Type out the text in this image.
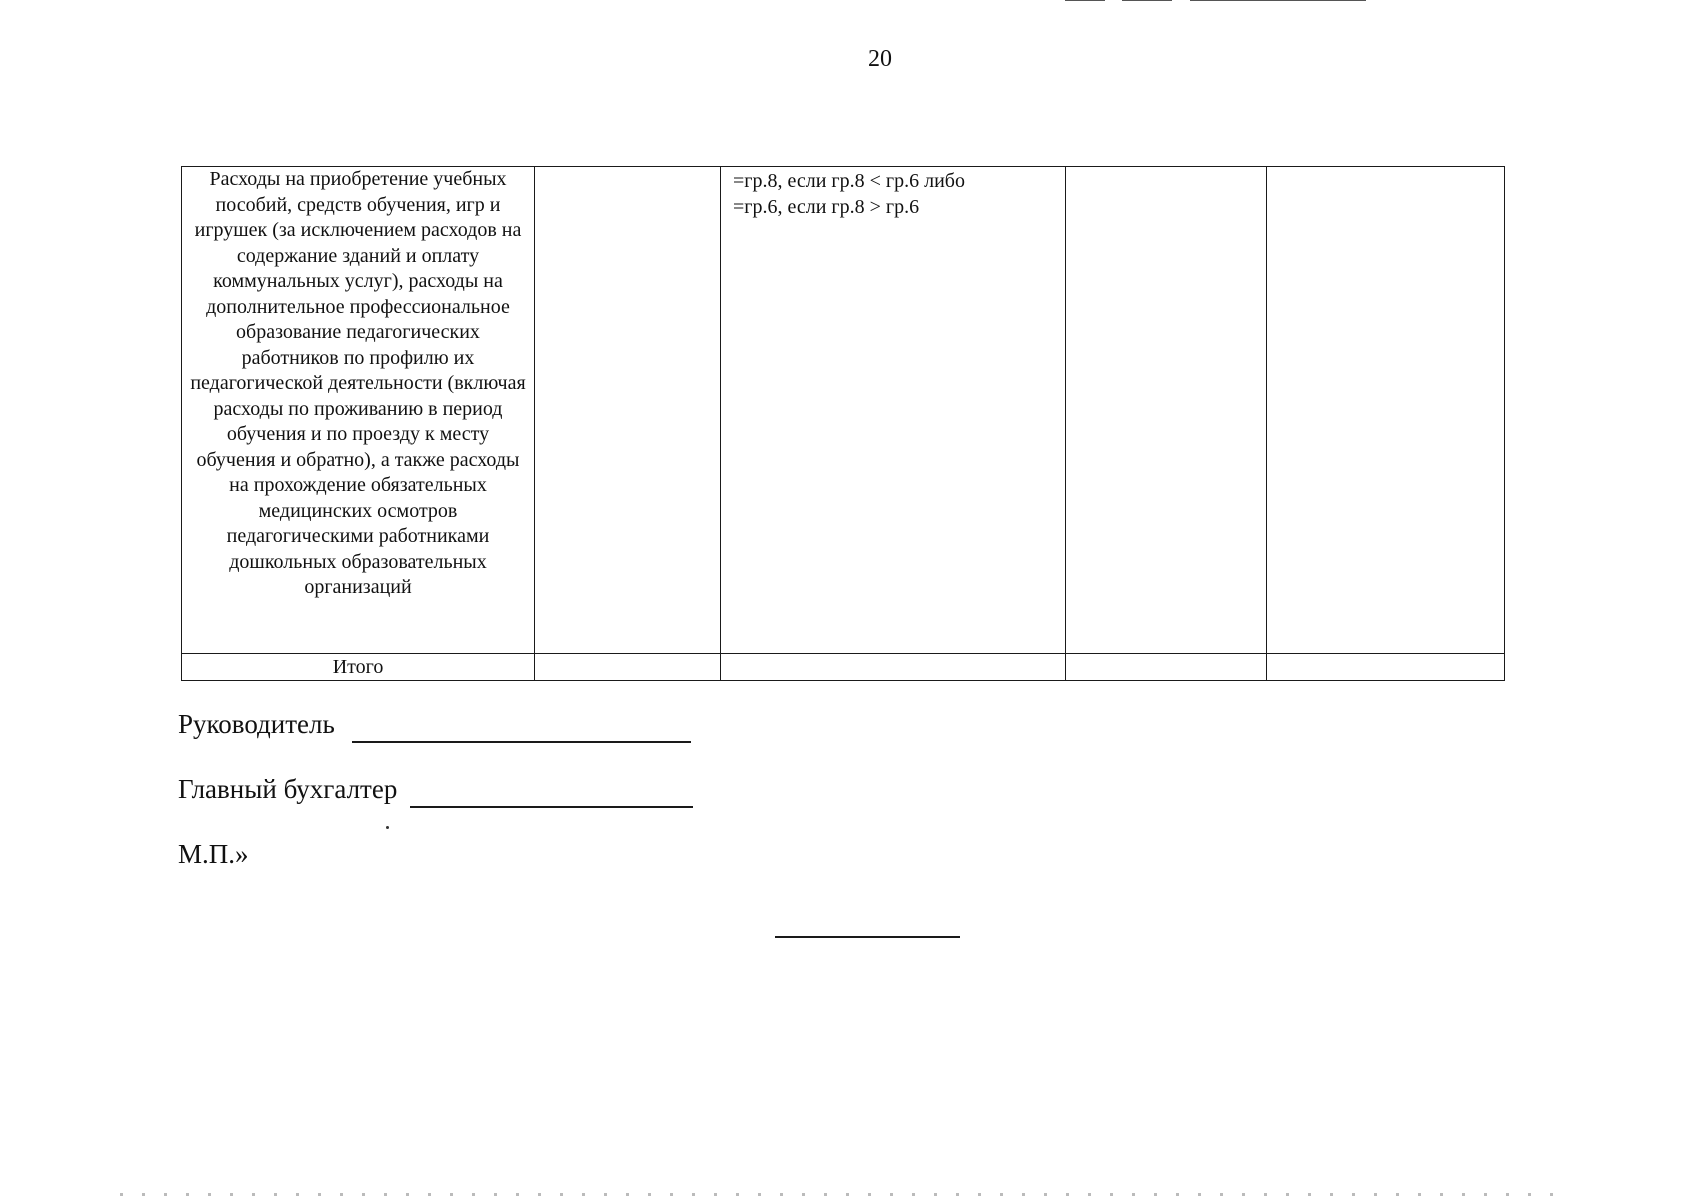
20
Расходы на приобретение учебных пособий, средств обучения, игр и игрушек (за исключением расходов на содержание зданий и оплату коммунальных услуг), расходы на дополнительное профессиональное образование педагогических работников по профилю их педагогической деятельности (включая расходы по проживанию в период обучения и по проезду к месту обучения и обратно), а также расходы на прохождение обязательных медицинских осмотров педагогическими работниками дошкольных образовательных организаций		=гр.8, если гр.8 < гр.6 либо
=гр.6, если гр.8 > гр.6		

Итого				
Руководитель
Главный бухгалтер
М.П.»
